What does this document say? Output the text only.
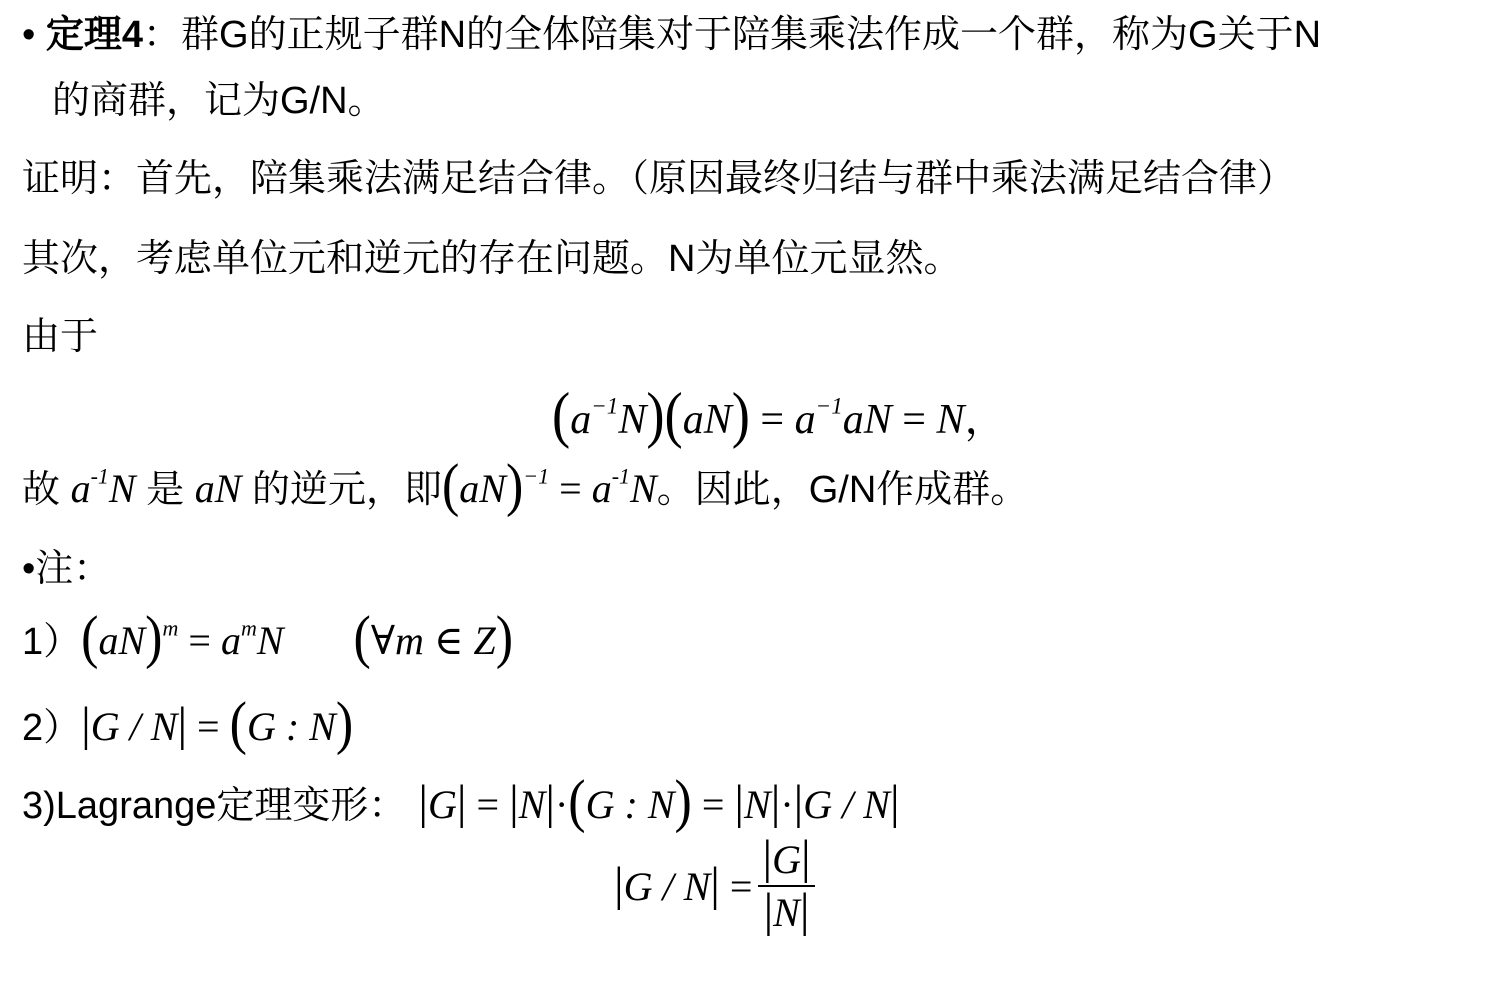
• 定理4：群G的正规子群N的全体陪集对于陪集乘法作成一个群，称为G关于N
的商群，记为G/N。
证明：首先，陪集乘法满足结合律。（原因最终归结与群中乘法满足结合律）
其次，考虑单位元和逆元的存在问题。N为单位元显然。
由于
$(a^{-1}N)(aN) = a^{-1}aN = N$，
故 $a^{-1}N$ 是 aN 的逆元，即$(aN)^{-1} = a^{-1}N$。因此，G/N作成群。
•注：
$1)(aN)^m = a^mN$ (∀m ∈ Z)
2）|G / N| = (G : N)
3)Lagrange定理变形： |G| = |N|·(G : N) = |N|·|G / N|
$|G / N| = \frac{|G|}{|N|}$
